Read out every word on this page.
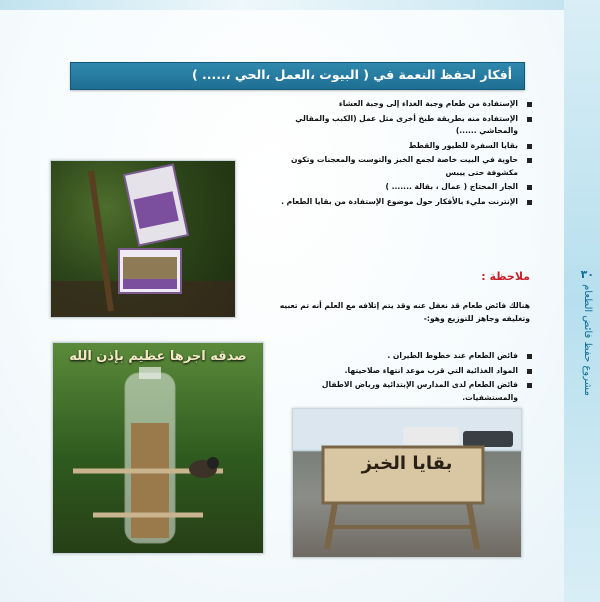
مشروع حفظ فائض الطعام
٣٠
أفكار لحفظ النعمة في ( البيوت ،العمل ،الحي ،..... )
الإستفادة من طعام وجبة الغداء إلى وجبة العشاء
الإستفادة منه بطريقة طبخ أخرى مثل عمل (الكبب والمقالي والمحاشي ......)
بقايا السفرة للطيور والقطط
حاوية في البيت خاصة لجمع الخبز والتوست والمعجنات وتكون مكشوفة حتى ييبس
الجار المحتاج ( عمال ، بقالة ....... )
الإنترنت مليء بالأفكار حول موضوع الإستفادة من بقايا الطعام .
ملاحظة :
هنالك فائض طعام قد نغفل عنه وقد يتم إتلافه مع العلم أنه تم تعبيه وتغليفه وجاهز للتوزيع وهو:-
فائض الطعام عند خطوط الطيران .
المواد الغذائية التي قرب موعد انتهاء صلاحيتها.
فائض الطعام لدى المدارس الإبتدائية ورياض الاطفال والمستشفيات.
صدقه اجرها عظيم بإذن الله
بقايا الخبز
